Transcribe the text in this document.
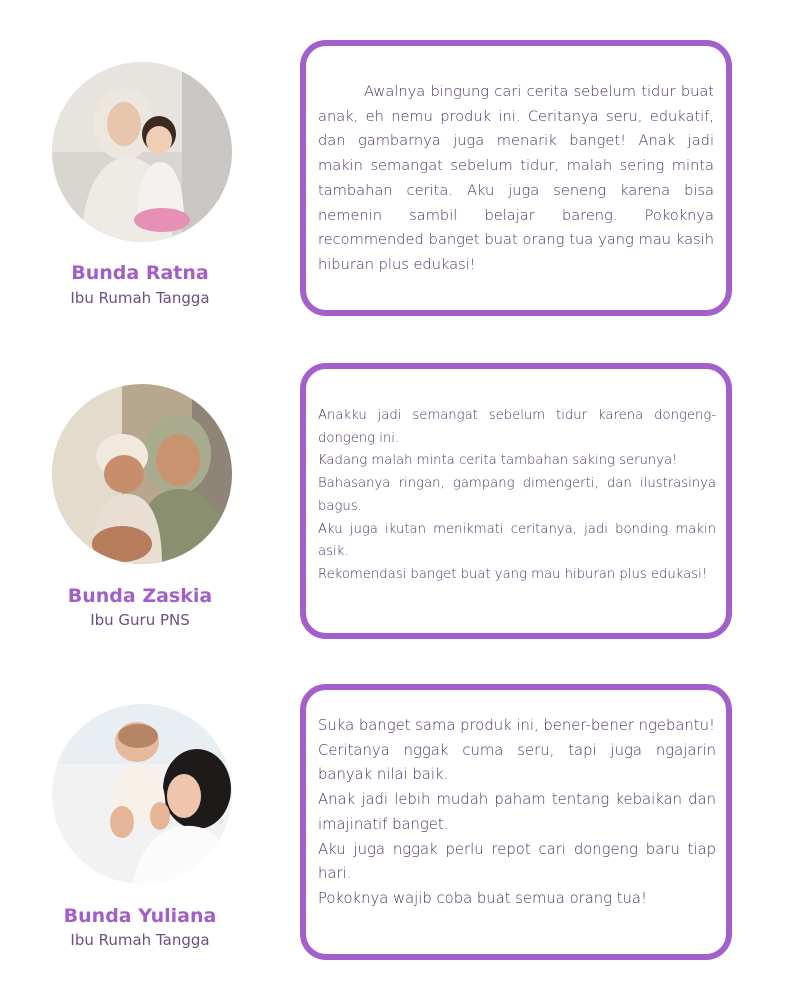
Bunda Ratna
Ibu Rumah Tangga

Awalnya bingung cari cerita sebelum tidur buat anak, eh nemu produk ini. Ceritanya seru, edukatif, dan gambarnya juga menarik banget! Anak jadi makin semangat sebelum tidur, malah sering minta tambahan cerita. Aku juga seneng karena bisa nemenin sambil belajar bareng. Pokoknya recommended banget buat orang tua yang mau kasih hiburan plus edukasi!

Bunda Zaskia
Ibu Guru PNS

Anakku jadi semangat sebelum tidur karena dongeng-dongeng ini.
Kadang malah minta cerita tambahan saking serunya!
Bahasanya ringan, gampang dimengerti, dan ilustrasinya bagus.
Aku juga ikutan menikmati ceritanya, jadi bonding makin asik.
Rekomendasi banget buat yang mau hiburan plus edukasi!

Bunda Yuliana
Ibu Rumah Tangga

Suka banget sama produk ini, bener-bener ngebantu!
Ceritanya nggak cuma seru, tapi juga ngajarin banyak nilai baik.
Anak jadi lebih mudah paham tentang kebaikan dan imajinatif banget.
Aku juga nggak perlu repot cari dongeng baru tiap hari.
Pokoknya wajib coba buat semua orang tua!
